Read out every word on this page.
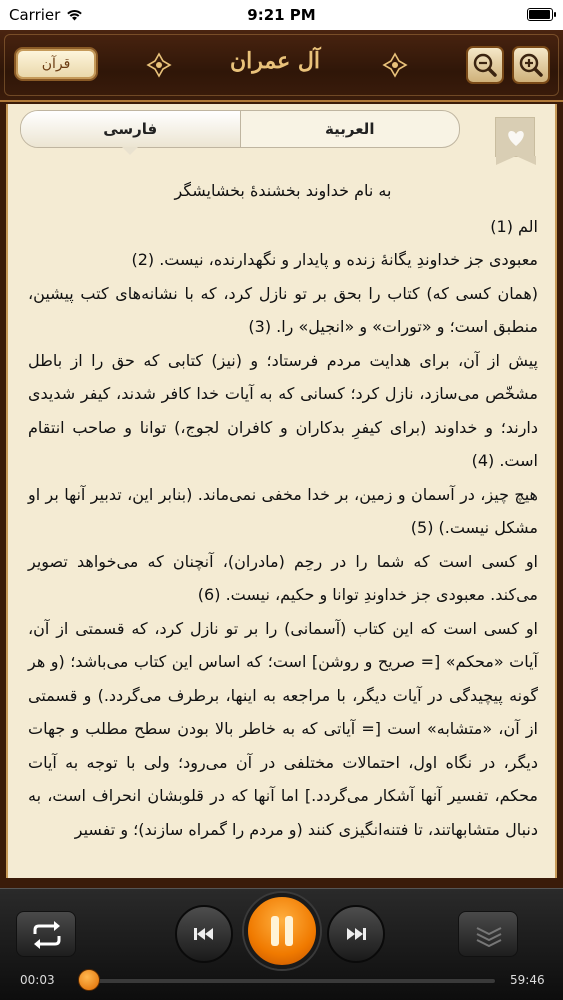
Carrier	9:21 PM
قرآن	آل عمران
فارسی	العربية
به نام خداوند بخشندهٔ بخشایشگر
الم (1)
معبودی جز خداوندِ یگانهٔ زنده و پایدار و نگهدارنده، نیست. (2)
(همان کسی که) کتاب را بحق بر تو نازل کرد، که با نشانه‌های کتب پیشین، منطبق است؛ و «تورات» و «انجیل» را. (3)
پیش از آن، برای هدایت مردم فرستاد؛ و (نیز) کتابی که حق را از باطل مشخّص می‌سازد، نازل کرد؛ کسانی که به آیات خدا کافر شدند، کیفر شدیدی دارند؛ و خداوند (برای کیفرِ بدکاران و کافران لجوج،) توانا و صاحب انتقام است. (4)
هیچ چیز، در آسمان و زمین، بر خدا مخفی نمی‌ماند. (بنابر این، تدبیر آنها بر او مشکل نیست.) (5)
او کسی است که شما را در رحِم (مادران)، آنچنان که می‌خواهد تصویر می‌کند. معبودی جز خداوندِ توانا و حکیم، نیست. (6)
او کسی است که این کتاب (آسمانی) را بر تو نازل کرد، که قسمتی از آن، آیات «محکم» [= صریح و روشن] است؛ که اساس این کتاب می‌باشد؛ (و هر گونه پیچیدگی در آیات دیگر، با مراجعه به اینها، برطرف می‌گردد.) و قسمتی از آن، «متشابه» است [= آیاتی که به خاطر بالا بودن سطح مطلب و جهات دیگر، در نگاه اول، احتمالات مختلفی در آن می‌رود؛ ولی با توجه به آیات محکم، تفسیر آنها آشکار می‌گردد.] اما آنها که در قلوبشان انحراف است، به دنبال متشابهاتند، تا فتنه‌انگیزی کنند (و مردم را گمراه سازند)؛ و تفسیر
00:03	59:46
